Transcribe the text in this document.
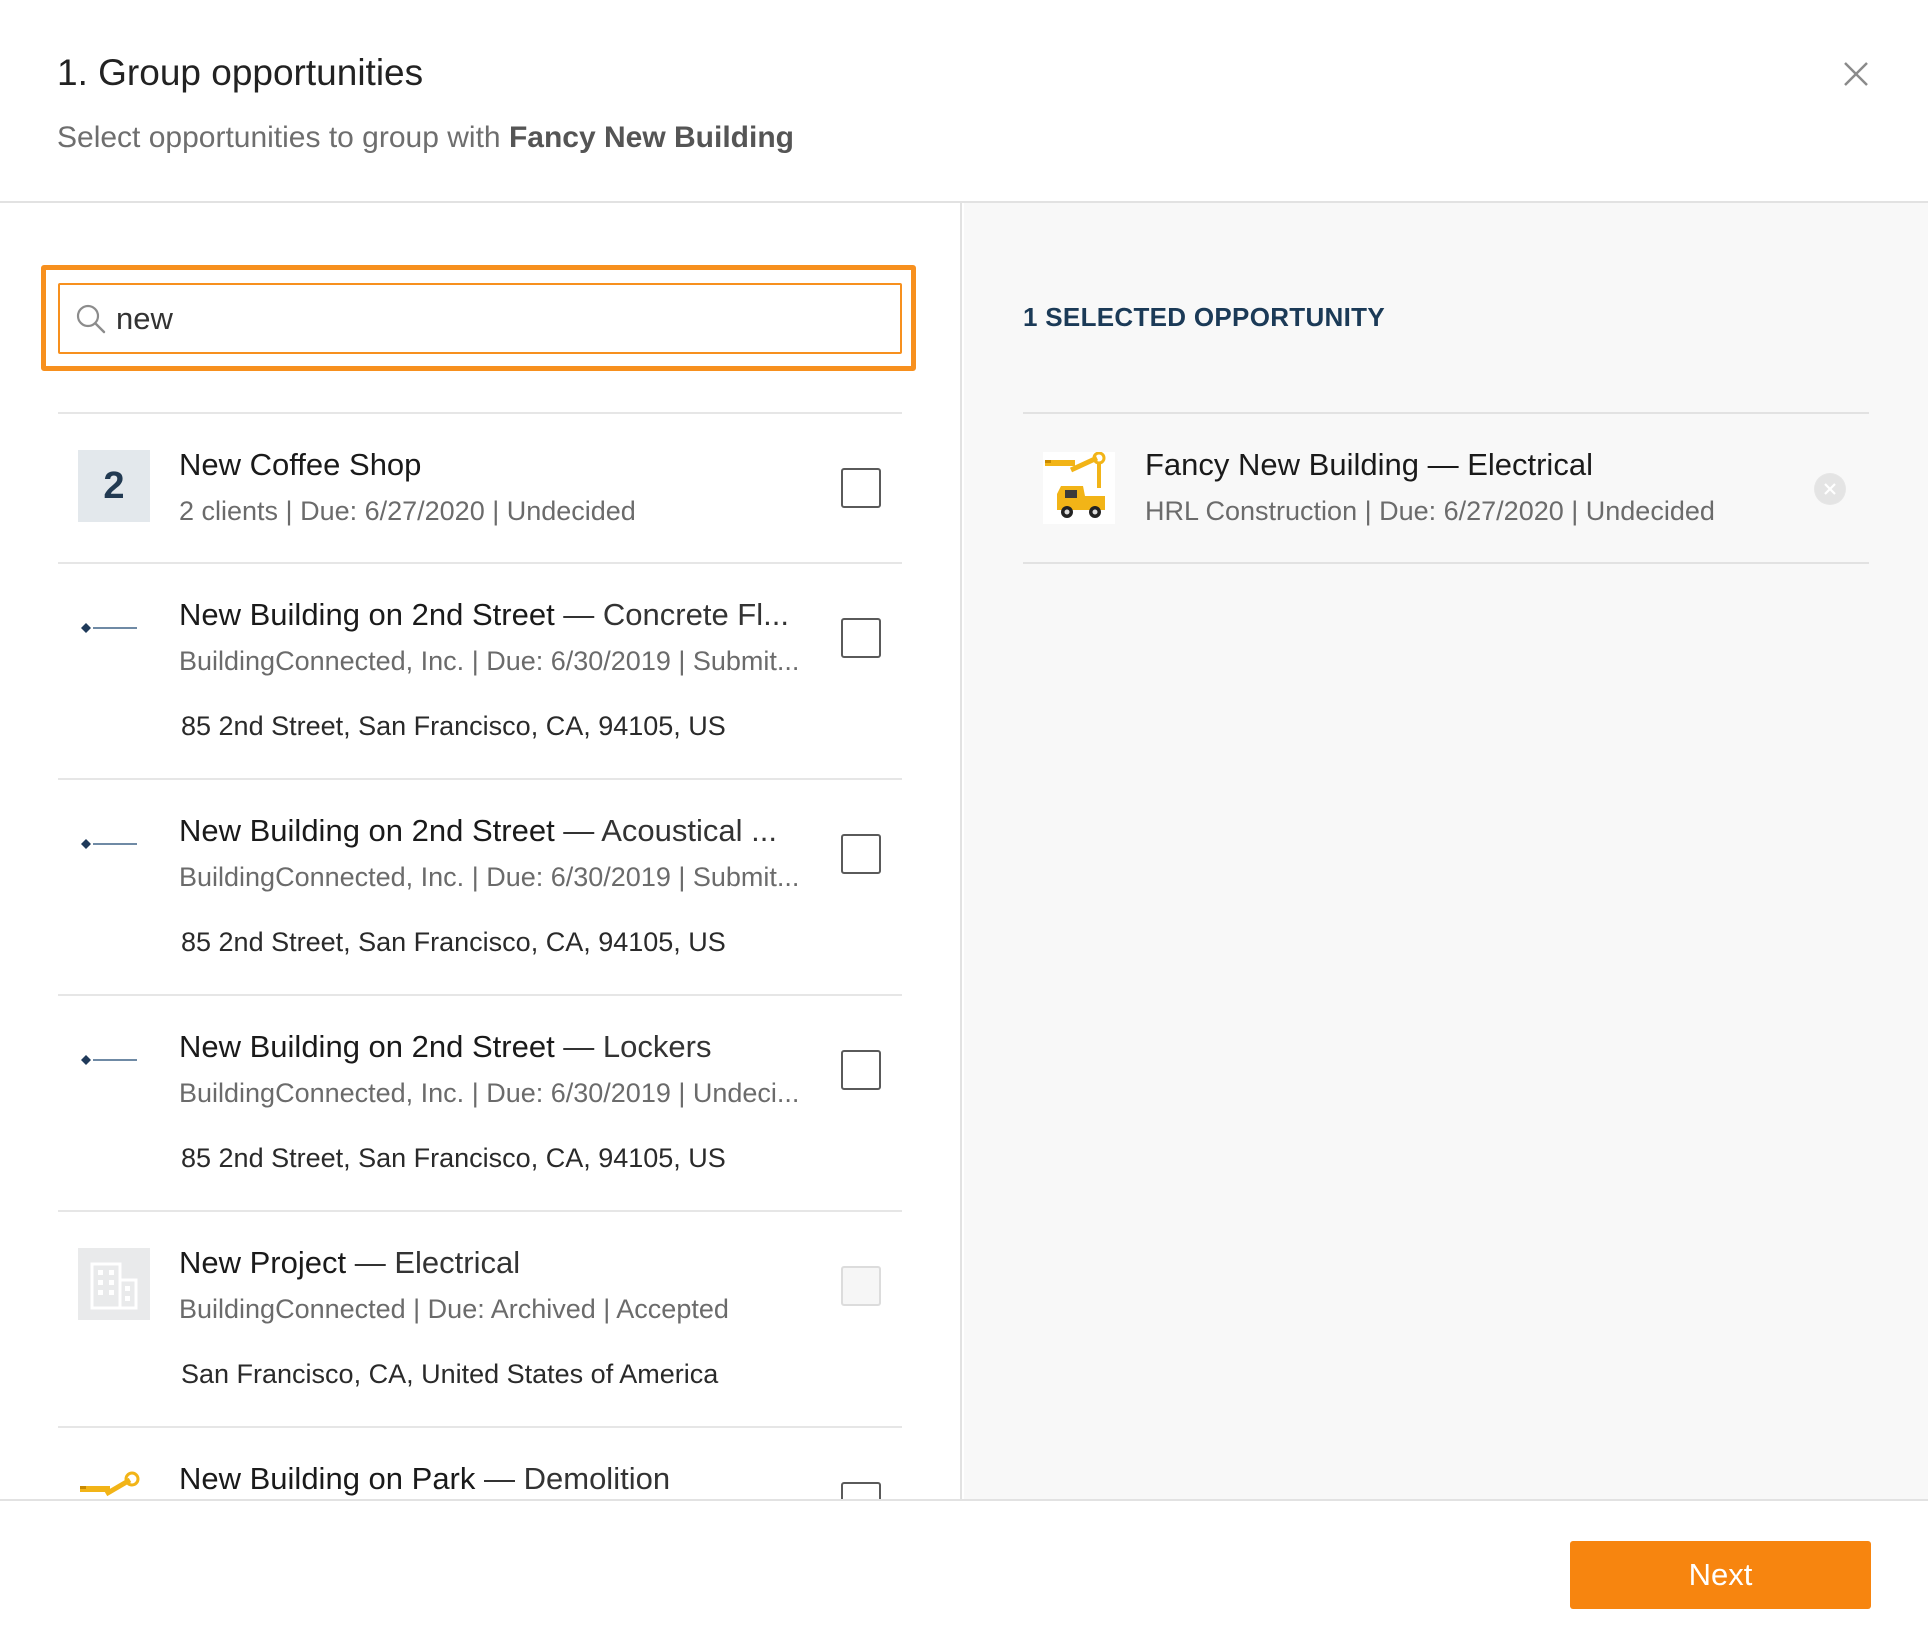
1. Group opportunities
Select opportunities to group with Fancy New Building
new
2	New Coffee Shop
2 clients | Due: 6/27/2020 | Undecided
New Building on 2nd Street — Concrete Fl...
BuildingConnected, Inc. | Due: 6/30/2019 | Submit...
85 2nd Street, San Francisco, CA, 94105, US
New Building on 2nd Street — Acoustical ...
BuildingConnected, Inc. | Due: 6/30/2019 | Submit...
85 2nd Street, San Francisco, CA, 94105, US
New Building on 2nd Street — Lockers
BuildingConnected, Inc. | Due: 6/30/2019 | Undeci...
85 2nd Street, San Francisco, CA, 94105, US
New Project — Electrical
BuildingConnected | Due: Archived | Accepted
San Francisco, CA, United States of America
New Building on Park — Demolition
1 SELECTED OPPORTUNITY
Fancy New Building — Electrical
HRL Construction | Due: 6/27/2020 | Undecided
Next
